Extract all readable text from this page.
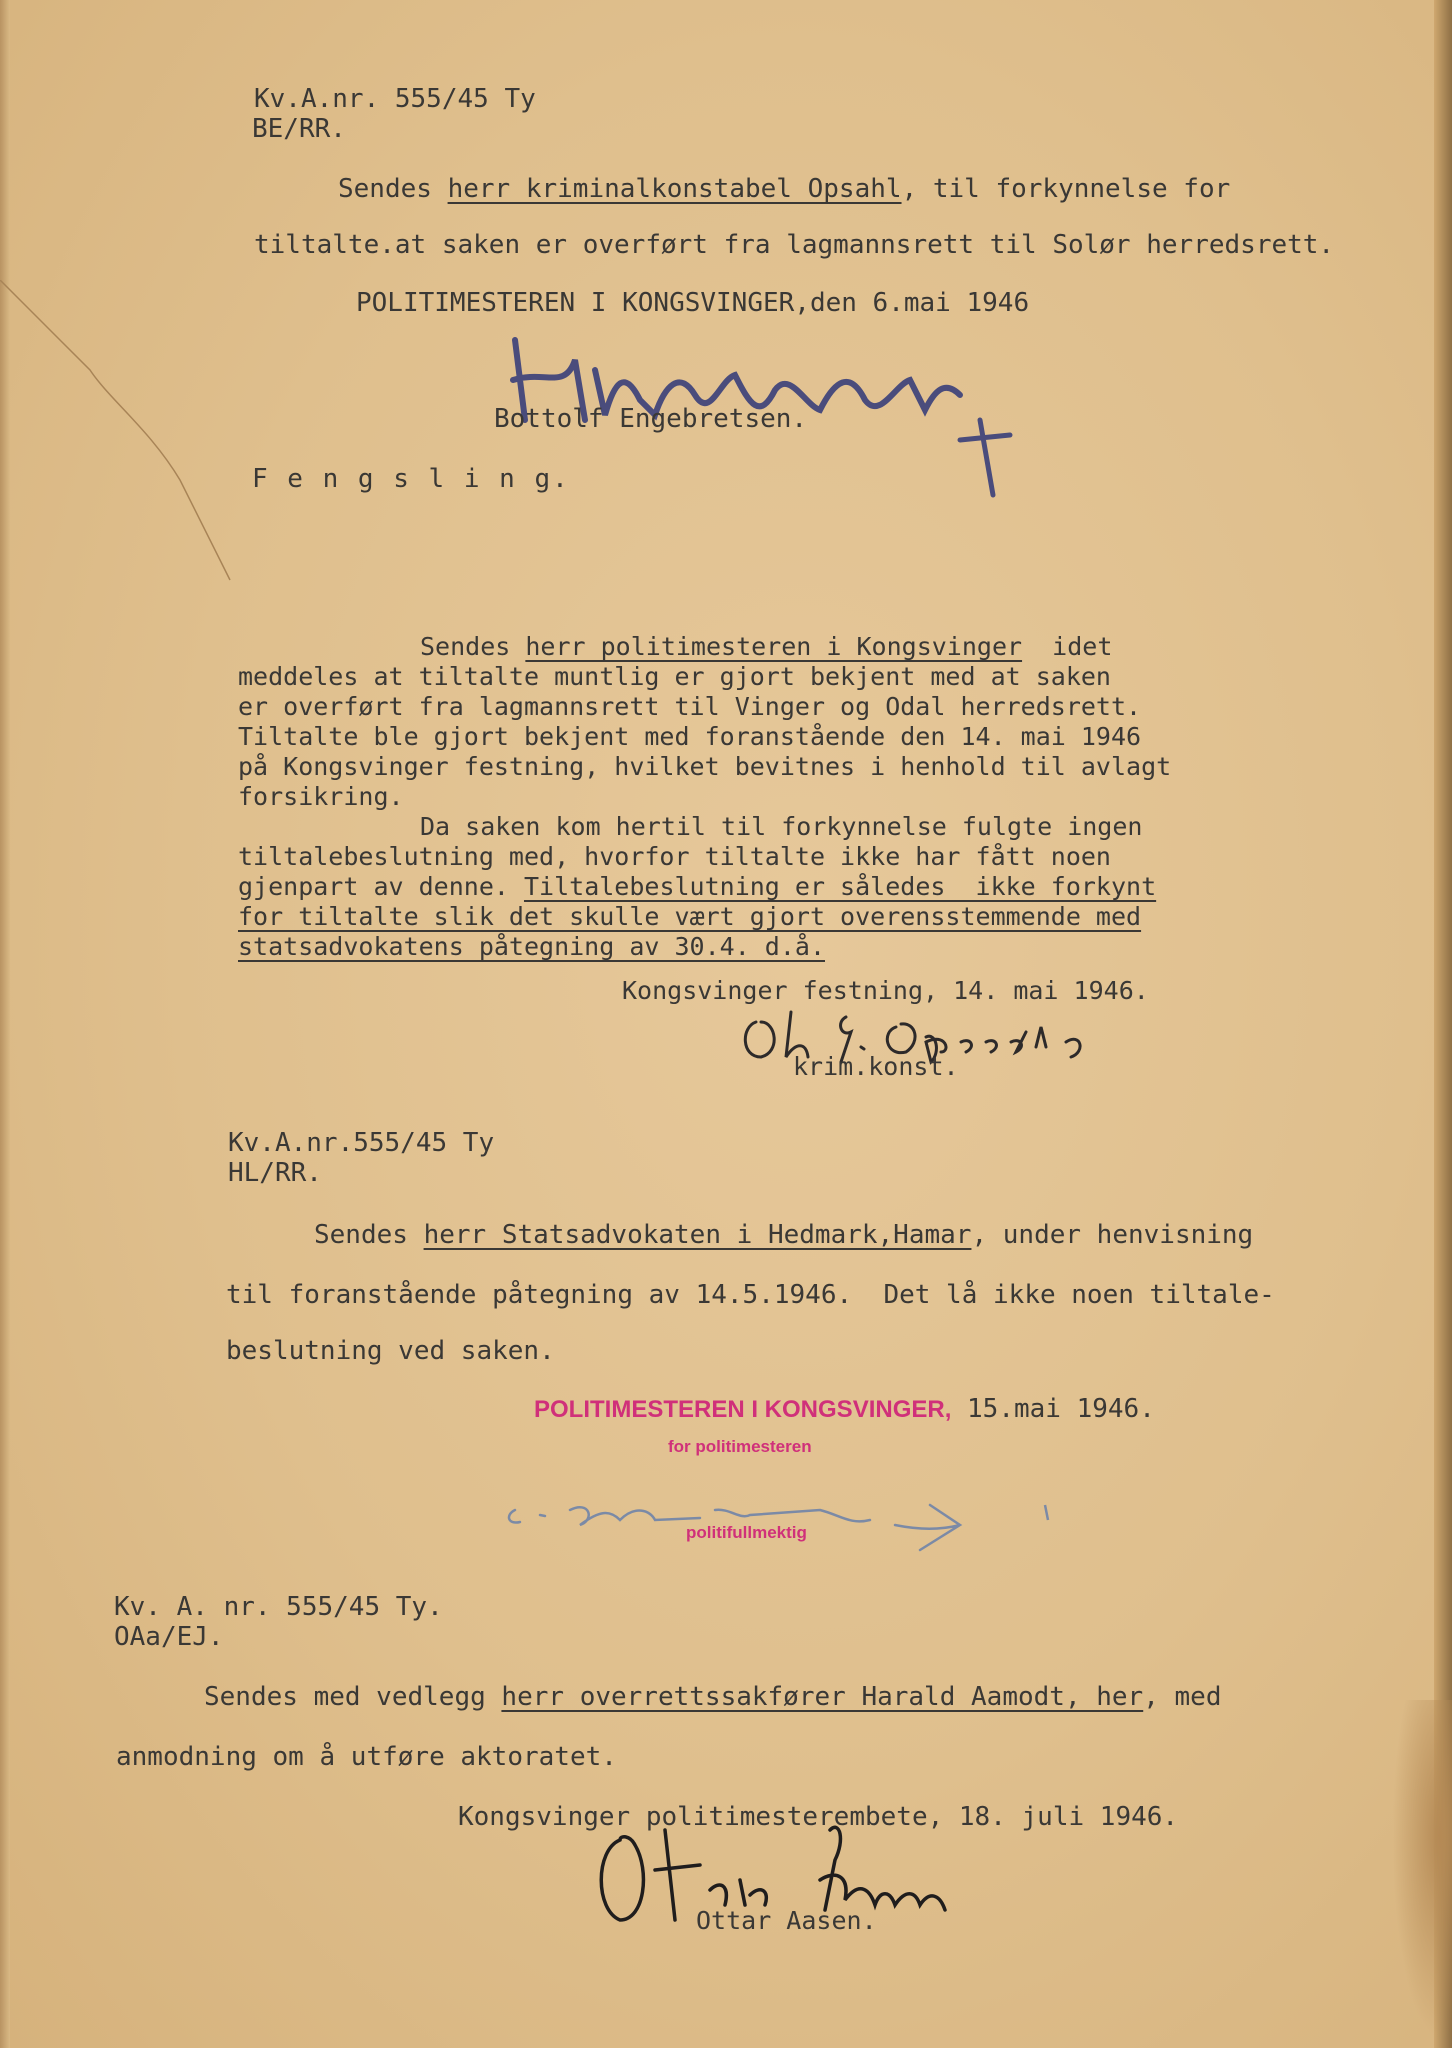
Kv.A.nr. 555/45 Ty
BE/RR.
Sendes herr kriminalkonstabel Opsahl, til forkynnelse for
tiltalte.at saken er overført fra lagmannsrett til Solør herredsrett.
POLITIMESTEREN I KONGSVINGER,den 6.mai 1946
Bottolf Engebretsen.
F e n g s l i n g.
Sendes herr politimesteren i Kongsvinger  idet
meddeles at tiltalte muntlig er gjort bekjent med at saken
er overført fra lagmannsrett til Vinger og Odal herredsrett.
Tiltalte ble gjort bekjent med foranstående den 14. mai 1946
på Kongsvinger festning, hvilket bevitnes i henhold til avlagt
forsikring.
Da saken kom hertil til forkynnelse fulgte ingen
tiltalebeslutning med, hvorfor tiltalte ikke har fått noen
gjenpart av denne. Tiltalebeslutning er således  ikke forkynt
for tiltalte slik det skulle vært gjort overensstemmende med
statsadvokatens påtegning av 30.4. d.å.
Kongsvinger festning, 14. mai 1946.
krim.konst.
Kv.A.nr.555/45 Ty
HL/RR.
Sendes herr Statsadvokaten i Hedmark,Hamar, under henvisning
til foranstående påtegning av 14.5.1946.  Det lå ikke noen tiltale-
beslutning ved saken.
POLITIMESTEREN I KONGSVINGER, 15.mai 1946.
for politimesteren
politifullmektig
Kv. A. nr. 555/45 Ty.
OAa/EJ.
Sendes med vedlegg herr overrettssakfører Harald Aamodt, her, med
anmodning om å utføre aktoratet.
Kongsvinger politimesterembete, 18. juli 1946.
Ottar Aasen.
